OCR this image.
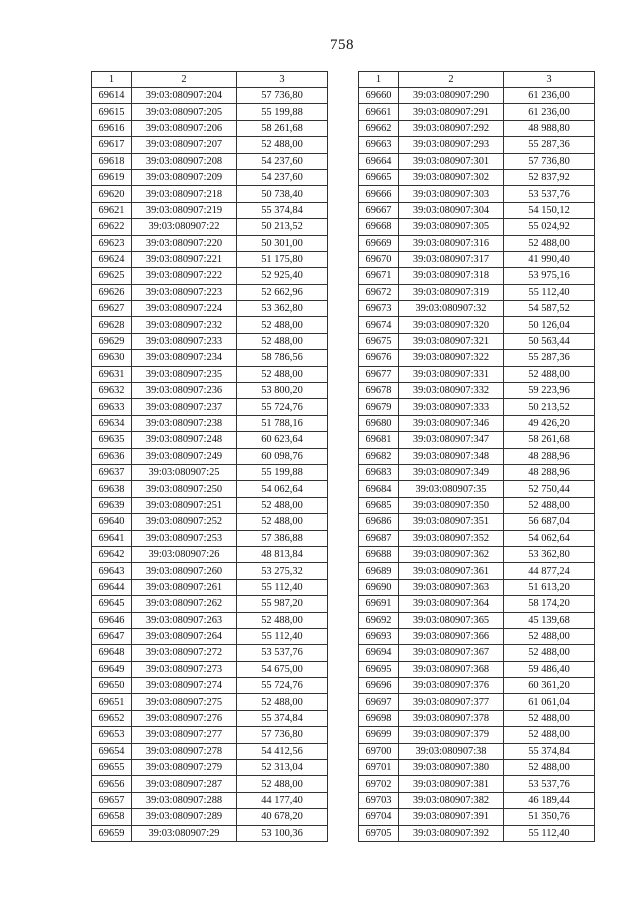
758
1	2	3
69614	39:03:080907:204	57 736,80
69615	39:03:080907:205	55 199,88
69616	39:03:080907:206	58 261,68
69617	39:03:080907:207	52 488,00
69618	39:03:080907:208	54 237,60
69619	39:03:080907:209	54 237,60
69620	39:03:080907:218	50 738,40
69621	39:03:080907:219	55 374,84
69622	39:03:080907:22	50 213,52
69623	39:03:080907:220	50 301,00
69624	39:03:080907:221	51 175,80
69625	39:03:080907:222	52 925,40
69626	39:03:080907:223	52 662,96
69627	39:03:080907:224	53 362,80
69628	39:03:080907:232	52 488,00
69629	39:03:080907:233	52 488,00
69630	39:03:080907:234	58 786,56
69631	39:03:080907:235	52 488,00
69632	39:03:080907:236	53 800,20
69633	39:03:080907:237	55 724,76
69634	39:03:080907:238	51 788,16
69635	39:03:080907:248	60 623,64
69636	39:03:080907:249	60 098,76
69637	39:03:080907:25	55 199,88
69638	39:03:080907:250	54 062,64
69639	39:03:080907:251	52 488,00
69640	39:03:080907:252	52 488,00
69641	39:03:080907:253	57 386,88
69642	39:03:080907:26	48 813,84
69643	39:03:080907:260	53 275,32
69644	39:03:080907:261	55 112,40
69645	39:03:080907:262	55 987,20
69646	39:03:080907:263	52 488,00
69647	39:03:080907:264	55 112,40
69648	39:03:080907:272	53 537,76
69649	39:03:080907:273	54 675,00
69650	39:03:080907:274	55 724,76
69651	39:03:080907:275	52 488,00
69652	39:03:080907:276	55 374,84
69653	39:03:080907:277	57 736,80
69654	39:03:080907:278	54 412,56
69655	39:03:080907:279	52 313,04
69656	39:03:080907:287	52 488,00
69657	39:03:080907:288	44 177,40
69658	39:03:080907:289	40 678,20
69659	39:03:080907:29	53 100,36
1	2	3
69660	39:03:080907:290	61 236,00
69661	39:03:080907:291	61 236,00
69662	39:03:080907:292	48 988,80
69663	39:03:080907:293	55 287,36
69664	39:03:080907:301	57 736,80
69665	39:03:080907:302	52 837,92
69666	39:03:080907:303	53 537,76
69667	39:03:080907:304	54 150,12
69668	39:03:080907:305	55 024,92
69669	39:03:080907:316	52 488,00
69670	39:03:080907:317	41 990,40
69671	39:03:080907:318	53 975,16
69672	39:03:080907:319	55 112,40
69673	39:03:080907:32	54 587,52
69674	39:03:080907:320	50 126,04
69675	39:03:080907:321	50 563,44
69676	39:03:080907:322	55 287,36
69677	39:03:080907:331	52 488,00
69678	39:03:080907:332	59 223,96
69679	39:03:080907:333	50 213,52
69680	39:03:080907:346	49 426,20
69681	39:03:080907:347	58 261,68
69682	39:03:080907:348	48 288,96
69683	39:03:080907:349	48 288,96
69684	39:03:080907:35	52 750,44
69685	39:03:080907:350	52 488,00
69686	39:03:080907:351	56 687,04
69687	39:03:080907:352	54 062,64
69688	39:03:080907:362	53 362,80
69689	39:03:080907:361	44 877,24
69690	39:03:080907:363	51 613,20
69691	39:03:080907:364	58 174,20
69692	39:03:080907:365	45 139,68
69693	39:03:080907:366	52 488,00
69694	39:03:080907:367	52 488,00
69695	39:03:080907:368	59 486,40
69696	39:03:080907:376	60 361,20
69697	39:03:080907:377	61 061,04
69698	39:03:080907:378	52 488,00
69699	39:03:080907:379	52 488,00
69700	39:03:080907:38	55 374,84
69701	39:03:080907:380	52 488,00
69702	39:03:080907:381	53 537,76
69703	39:03:080907:382	46 189,44
69704	39:03:080907:391	51 350,76
69705	39:03:080907:392	55 112,40
